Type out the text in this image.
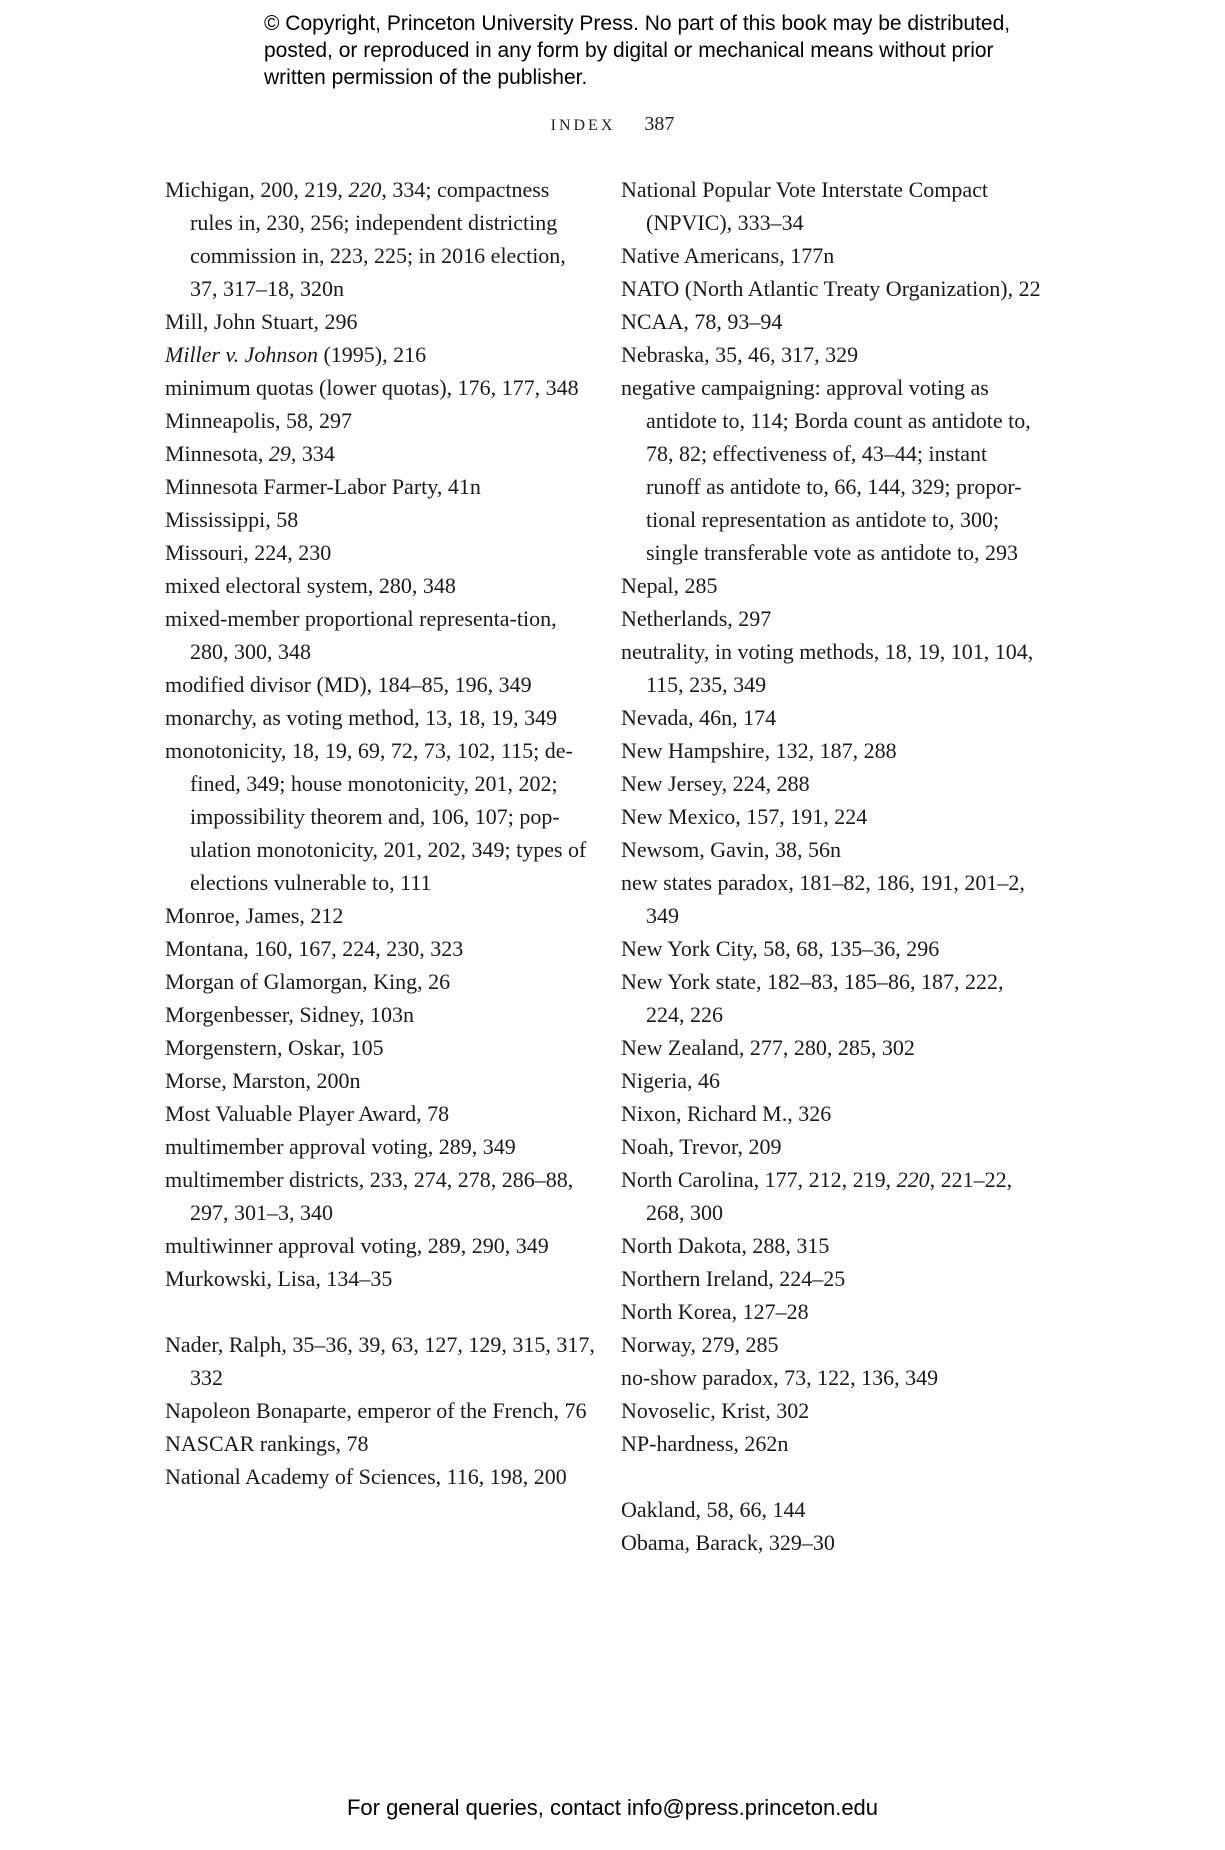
© Copyright, Princeton University Press. No part of this book may be distributed, posted, or reproduced in any form by digital or mechanical means without prior written permission of the publisher.
INDEX 387

Michigan, 200, 219, 220, 334; compactness rules in, 230, 256; independent districting commission in, 223, 225; in 2016 election, 37, 317–18, 320n

Mill, John Stuart, 296

Miller v. Johnson (1995), 216

minimum quotas (lower quotas), 176, 177, 348

Minneapolis, 58, 297

Minnesota, 29, 334

Minnesota Farmer-Labor Party, 41n

Mississippi, 58

Missouri, 224, 230

mixed electoral system, 280, 348

mixed-member proportional representa-tion, 280, 300, 348

modified divisor (MD), 184–85, 196, 349

monarchy, as voting method, 13, 18, 19, 349

monotonicity, 18, 19, 69, 72, 73, 102, 115; de-fined, 349; house monotonicity, 201, 202; impossibility theorem and, 106, 107; pop-ulation monotonicity, 201, 202, 349; types of elections vulnerable to, 111

Monroe, James, 212

Montana, 160, 167, 224, 230, 323

Morgan of Glamorgan, King, 26

Morgenbesser, Sidney, 103n

Morgenstern, Oskar, 105

Morse, Marston, 200n

Most Valuable Player Award, 78

multimember approval voting, 289, 349

multimember districts, 233, 274, 278, 286–88, 297, 301–3, 340

multiwinner approval voting, 289, 290, 349

Murkowski, Lisa, 134–35

Nader, Ralph, 35–36, 39, 63, 127, 129, 315, 317, 332

Napoleon Bonaparte, emperor of the French, 76

NASCAR rankings, 78

National Academy of Sciences, 116, 198, 200

National Popular Vote Interstate Compact (NPVIC), 333–34

Native Americans, 177n

NATO (North Atlantic Treaty Organization), 22

NCAA, 78, 93–94

Nebraska, 35, 46, 317, 329

negative campaigning: approval voting as antidote to, 114; Borda count as antidote to, 78, 82; effectiveness of, 43–44; instant runoff as antidote to, 66, 144, 329; propor-tional representation as antidote to, 300; single transferable vote as antidote to, 293

Nepal, 285

Netherlands, 297

neutrality, in voting methods, 18, 19, 101, 104, 115, 235, 349

Nevada, 46n, 174

New Hampshire, 132, 187, 288

New Jersey, 224, 288

New Mexico, 157, 191, 224

Newsom, Gavin, 38, 56n

new states paradox, 181–82, 186, 191, 201–2, 349

New York City, 58, 68, 135–36, 296

New York state, 182–83, 185–86, 187, 222, 224, 226

New Zealand, 277, 280, 285, 302

Nigeria, 46

Nixon, Richard M., 326

Noah, Trevor, 209

North Carolina, 177, 212, 219, 220, 221–22, 268, 300

North Dakota, 288, 315

Northern Ireland, 224–25

North Korea, 127–28

Norway, 279, 285

no-show paradox, 73, 122, 136, 349

Novoselic, Krist, 302

NP-hardness, 262n

Oakland, 58, 66, 144

Obama, Barack, 329–30

For general queries, contact info@press.princeton.edu
